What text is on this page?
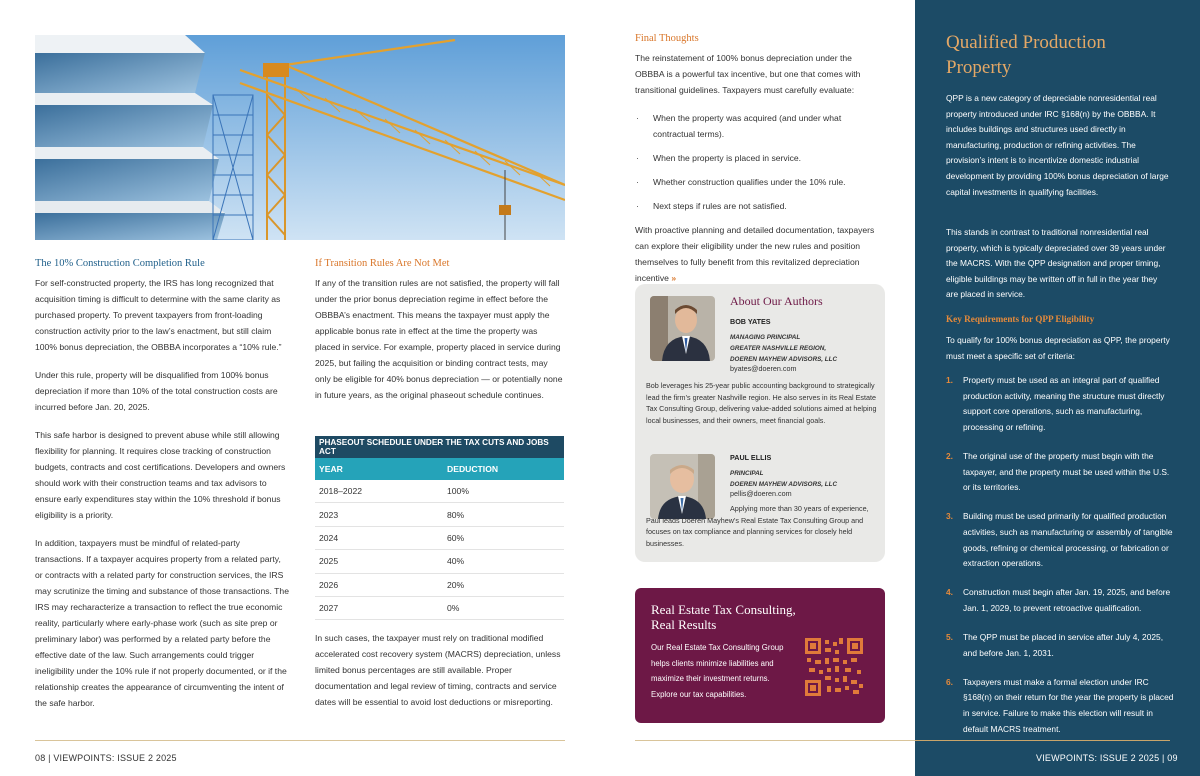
The 10% Construction Completion Rule

For self-constructed property, the IRS has long recognized that acquisition timing is difficult to determine with the same clarity as purchased property. To prevent taxpayers from front-loading construction activity prior to the law’s enactment, but still claim 100% bonus depreciation, the OBBBA incorporates a “10% rule.”

Under this rule, property will be disqualified from 100% bonus depreciation if more than 10% of the total construction costs are incurred before Jan. 20, 2025.

This safe harbor is designed to prevent abuse while still allowing flexibility for planning. It requires close tracking of construction budgets, contracts and cost certifications. Developers and owners should work with their construction teams and tax advisors to ensure early expenditures stay within the 10% threshold if bonus eligibility is a priority.

In addition, taxpayers must be mindful of related-party transactions. If a taxpayer acquires property from a related party, or contracts with a related party for construction services, the IRS may scrutinize the timing and substance of those transactions. The IRS may recharacterize a transaction to reflect the true economic reality, particularly where early-phase work (such as site prep or preliminary labor) was performed by a related party before the effective date of the law. Such arrangements could trigger ineligibility under the 10% rule if not properly documented, or if the relationship creates the appearance of circumventing the intent of the safe harbor.

If Transition Rules Are Not Met

If any of the transition rules are not satisfied, the property will fall under the prior bonus depreciation regime in effect before the OBBBA’s enactment. This means the taxpayer must apply the applicable bonus rate in effect at the time the property was placed in service. For example, property placed in service during 2025, but failing the acquisition or binding contract tests, may only be eligible for 40% bonus depreciation — or potentially none in future years, as the original phaseout schedule continues.

PHASEOUT SCHEDULE UNDER THE TAX CUTS AND JOBS ACT	
YEAR	DEDUCTION
2018–2022	100%
2023	80%
2024	60%
2025	40%
2026	20%
2027	0%

In such cases, the taxpayer must rely on traditional modified accelerated cost recovery system (MACRS) depreciation, unless limited bonus percentages are still available. Proper documentation and legal review of timing, contracts and service dates will be essential to avoid lost deductions or misreporting.

08 | VIEWPOINTS: ISSUE 2 2025
Final Thoughts

The reinstatement of 100% bonus depreciation under the OBBBA is a powerful tax incentive, but one that comes with transitional guidelines. Taxpayers must carefully evaluate:

· When the property was acquired (and under what contractual terms).
· When the property is placed in service.
· Whether construction qualifies under the 10% rule.
· Next steps if rules are not satisfied.

With proactive planning and detailed documentation, taxpayers can explore their eligibility under the new rules and position themselves to fully benefit from this revitalized depreciation incentive »

About Our Authors
BOB YATES
MANAGING PRINCIPAL
GREATER NASHVILLE REGION,
DOEREN MAYHEW ADVISORS, LLC
byates@doeren.com
Bob leverages his 25-year public accounting background to strategically lead the firm’s greater Nashville region. He also serves in its Real Estate Tax Consulting Group, delivering value-added solutions aimed at helping local businesses, and their owners, meet financial goals.
PAUL ELLIS
PRINCIPAL
DOEREN MAYHEW ADVISORS, LLC
pellis@doeren.com
Applying more than 30 years of experience, Paul leads Doeren Mayhew’s Real Estate Tax Consulting Group and focuses on tax compliance and planning services for closely held businesses.
Real Estate Tax Consulting,
Real Results
Our Real Estate Tax Consulting Group helps clients minimize liabilities and maximize their investment returns. Explore our tax capabilities.
Qualified Production
Property
QPP is a new category of depreciable nonresidential real property introduced under IRC §168(n) by the OBBBA. It includes buildings and structures used directly in manufacturing, production or refining activities. The provision’s intent is to incentivize domestic industrial development by providing 100% bonus depreciation of large capital investments in qualifying facilities.
This stands in contrast to traditional nonresidential real property, which is typically depreciated over 39 years under the MACRS. With the QPP designation and proper timing, eligible buildings may be written off in full in the year they are placed in service.
Key Requirements for QPP Eligibility
To qualify for 100% bonus depreciation as QPP, the property must meet a specific set of criteria:
1. Property must be used as an integral part of qualified production activity, meaning the structure must directly support core operations, such as manufacturing, processing or refining.
2. The original use of the property must begin with the taxpayer, and the property must be used within the U.S. or its territories.
3. Building must be used primarily for qualified production activities, such as manufacturing or assembly of tangible goods, refining or chemical processing, or fabrication or extraction operations.
4. Construction must begin after Jan. 19, 2025, and before Jan. 1, 2029, to prevent retroactive qualification.
5. The QPP must be placed in service after July 4, 2025, and before Jan. 1, 2031.
6. Taxpayers must make a formal election under IRC §168(n) on their return for the year the property is placed in service. Failure to make this election will result in default MACRS treatment.
VIEWPOINTS: ISSUE 2 2025 | 09
